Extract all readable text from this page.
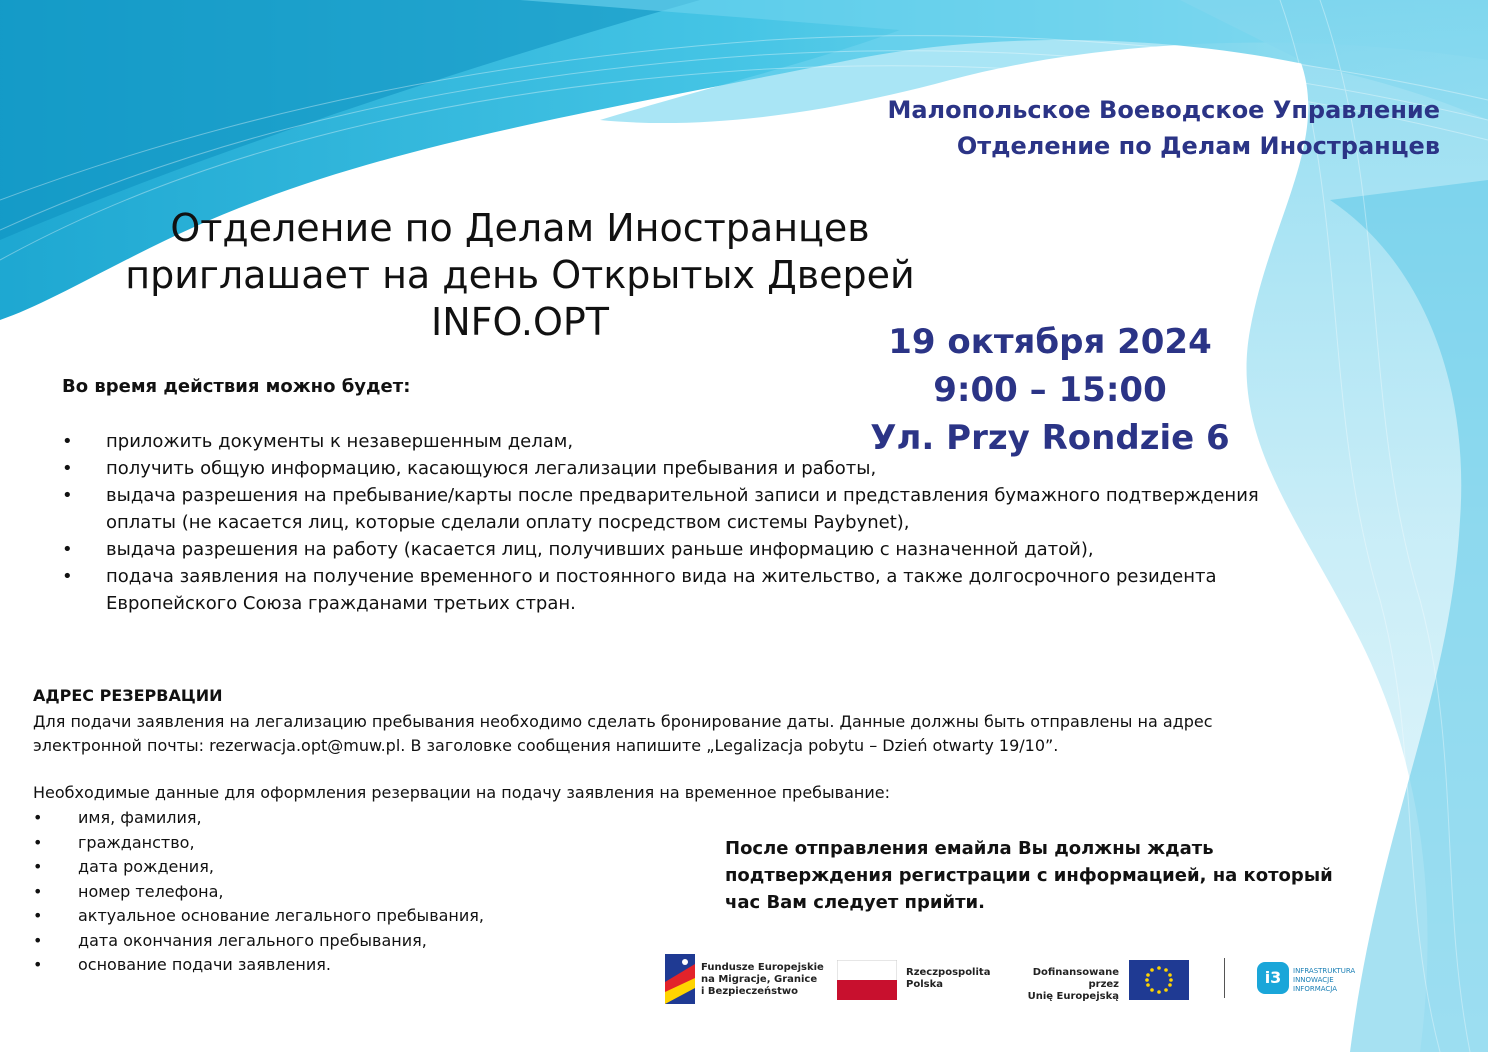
Малопольское Воеводское Управление
Отделение по Делам Иностранцев
Отделение по Делам Иностранцев
приглашает на день Открытых Дверей
INFO.OPT	19 октября 2024
9:00 – 15:00
Ул. Przy Rondzie 6
Во время действия можно будет:
• приложить документы к незавершенным делам,
• получить общую информацию, касающуюся легализации пребывания и работы,
• выдача разрешения на пребывание/карты после предварительной записи и представления бумажного подтверждения оплаты (не касается лиц, которые сделали оплату посредством системы Paybynet),
• выдача разрешения на работу (касается лиц, получивших раньше информацию с назначенной датой),
• подача заявления на получение временного и постоянного вида на жительство, а также долгосрочного резидента Европейского Союза гражданами третьих стран.
АДРЕС РЕЗЕРВАЦИИ
Для подачи заявления на легализацию пребывания необходимо сделать бронирование даты. Данные должны быть отправлены на адрес электронной почты: rezerwacja.opt@muw.pl. В заголовке сообщения напишите „Legalizacja pobytu – Dzień otwarty 19/10”.
Необходимые данные для оформления резервации на подачу заявления на временное пребывание:
• имя, фамилия,
• гражданство,
• дата рождения,
• номер телефона,
• актуальное основание легального пребывания,
• дата окончания легального пребывания,
• основание подачи заявления.
После отправления емайла Вы должны ждать подтверждения регистрации с информацией, на который час Вам следует прийти.
Fundusze Europejskie
na Migracje, Granice
i Bezpieczeństwo
Rzeczpospolita
Polska
Dofinansowane przez
Unię Europejską
i3	INFRASTRUKTURA
INNOWACJE
INFORMACJA
